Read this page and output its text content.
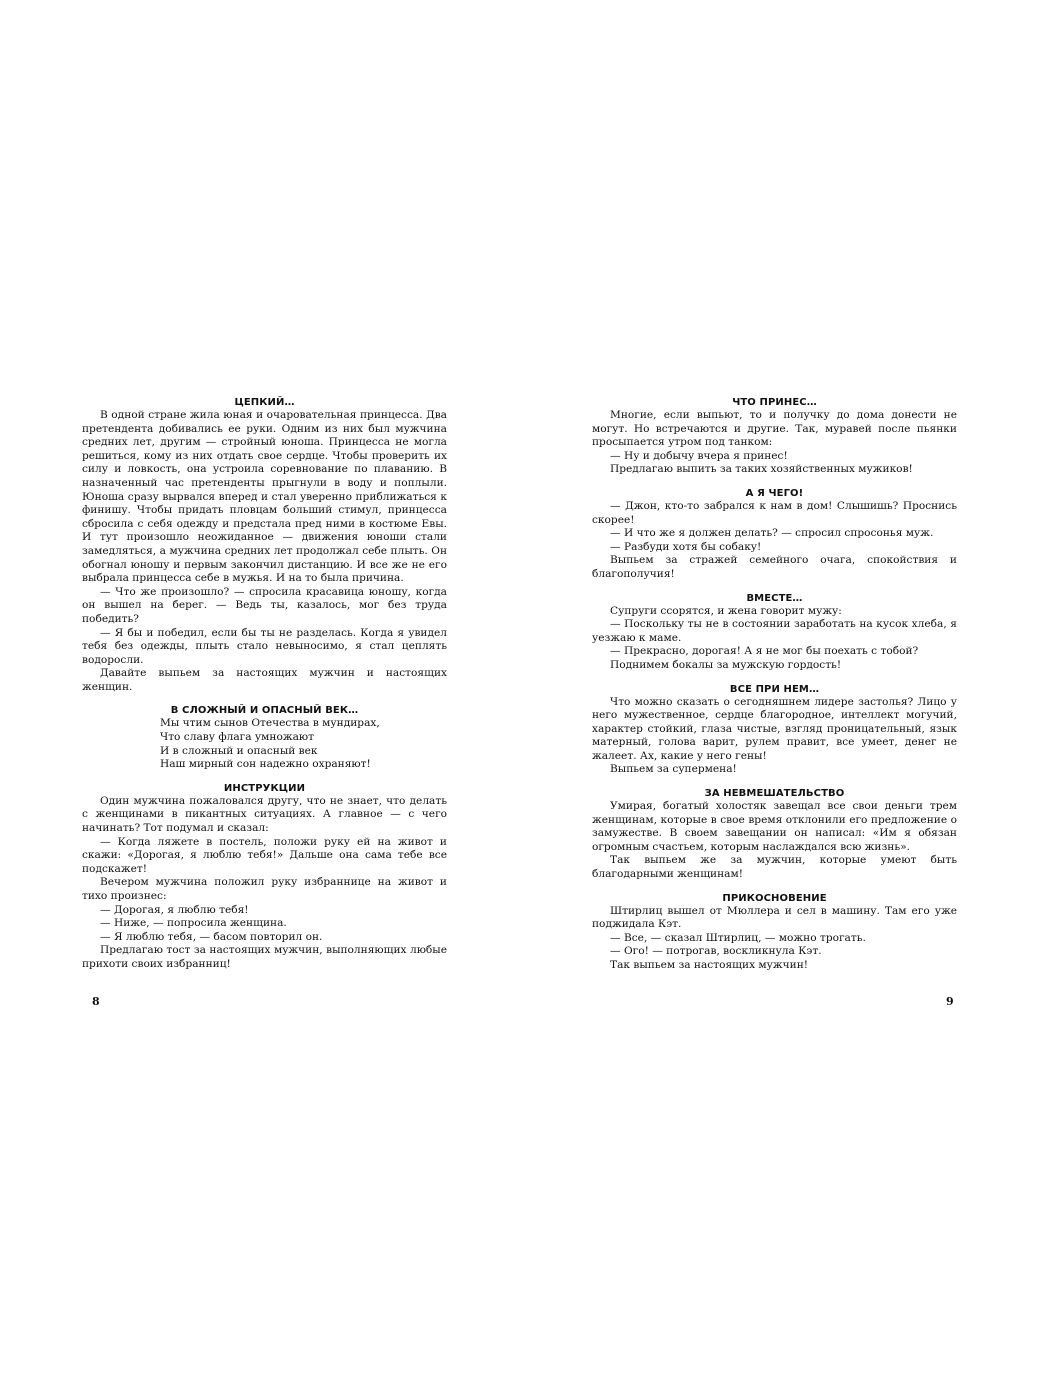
ЦЕПКИЙ…

В одной стране жила юная и очаровательная принцесса. Два претендента добивались ее руки. Одним из них был мужчина средних лет, другим — стройный юноша. Принцесса не могла решиться, кому из них отдать свое сердце. Чтобы проверить их силу и ловкость, она устроила соревнование по плаванию. В назначенный час претенденты прыгнули в воду и поплыли. Юноша сразу вырвался вперед и стал уверенно приближаться к финишу. Чтобы придать пловцам больший стимул, принцесса сбросила с себя одежду и предстала пред ними в костюме Евы. И тут произошло неожиданное — движения юноши стали замедляться, а мужчина средних лет продолжал себе плыть. Он обогнал юношу и первым закончил дистанцию. И все же не его выбрала принцесса себе в мужья. И на то была причина.

— Что же произошло? — спросила красавица юношу, когда он вышел на берег. — Ведь ты, казалось, мог без труда победить?

— Я бы и победил, если бы ты не разделась. Когда я увидел тебя без одежды, плыть стало невыносимо, я стал цеплять водоросли.

Давайте выпьем за настоящих мужчин и настоящих женщин.

В СЛОЖНЫЙ И ОПАСНЫЙ ВЕК…

Мы чтим сынов Отечества в мундирах,
Что славу флага умножают
И в сложный и опасный век
Наш мирный сон надежно охраняют!

ИНСТРУКЦИИ

Один мужчина пожаловался другу, что не знает, что делать с женщинами в пикантных ситуациях. А главное — с чего начинать? Тот подумал и сказал:

— Когда ляжете в постель, положи руку ей на живот и скажи: «Дорогая, я люблю тебя!» Дальше она сама тебе все подскажет!

Вечером мужчина положил руку избраннице на живот и тихо произнес:

— Дорогая, я люблю тебя!

— Ниже, — попросила женщина.

— Я люблю тебя, — басом повторил он.

Предлагаю тост за настоящих мужчин, выполняющих любые прихоти своих избранниц!

8

ЧТО ПРИНЕС…

Многие, если выпьют, то и получку до дома донести не могут. Но встречаются и другие. Так, муравей после пьянки просыпается утром под танком:

— Ну и добычу вчера я принес!

Предлагаю выпить за таких хозяйственных мужиков!

А Я ЧЕГО!

— Джон, кто-то забрался к нам в дом! Слышишь? Проснись скорее!

— И что же я должен делать? — спросил спросонья муж.

— Разбуди хотя бы собаку!

Выпьем за стражей семейного очага, спокойствия и благополучия!

ВМЕСТЕ…

Супруги ссорятся, и жена говорит мужу:

— Поскольку ты не в состоянии заработать на кусок хлеба, я уезжаю к маме.

— Прекрасно, дорогая! А я не мог бы поехать с тобой?

Поднимем бокалы за мужскую гордость!

ВСЕ ПРИ НЕМ…

Что можно сказать о сегодняшнем лидере застолья? Лицо у него мужественное, сердце благородное, интеллект могучий, характер стойкий, глаза чистые, взгляд проницательный, язык матерный, голова варит, рулем правит, все умеет, денег не жалеет. Ах, какие у него гены!

Выпьем за супермена!

ЗА НЕВМЕШАТЕЛЬСТВО

Умирая, богатый холостяк завещал все свои деньги трем женщинам, которые в свое время отклонили его предложение о замужестве. В своем завещании он написал: «Им я обязан огромным счастьем, которым наслаждался всю жизнь».

Так выпьем же за мужчин, которые умеют быть благодарными женщинам!

ПРИКОСНОВЕНИЕ

Штирлиц вышел от Мюллера и сел в машину. Там его уже поджидала Кэт.

— Все, — сказал Штирлиц, — можно трогать.

— Ого! — потрогав, воскликнула Кэт.

Так выпьем за настоящих мужчин!

9
